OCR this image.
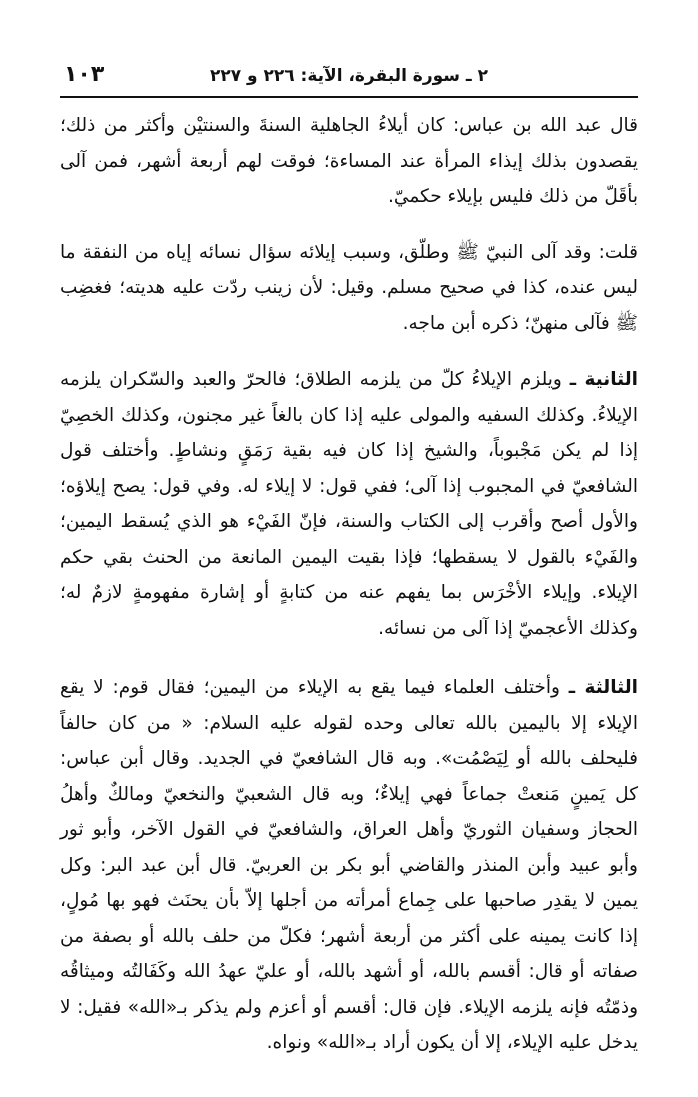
١٠٣	٢ ـ سورة البقرة، الآية: ٢٢٦ و ٢٢٧

قال عبد الله بن عباس: كان أيلاءُ الجاهلية السنةَ والسنتيْن وأكثر من ذلك؛ يقصدون بذلك إيذاء المرأة عند المساءة؛ فوقت لهم أربعة أشهر، فمن آلى بأقَلّ من ذلك فليس بإيلاء حكميّ.

قلت: وقد آلى النبيّ ﷺ وطلّق، وسبب إيلائه سؤال نسائه إياه من النفقة ما ليس عنده، كذا في صحيح مسلم. وقيل: لأن زينب ردّت عليه هديته؛ فغضِب ﷺ فآلى منهنّ؛ ذكره أبن ماجه.

الثانية ـ ويلزم الإيلاءُ كلّ من يلزمه الطلاق؛ فالحرّ والعبد والسّكران يلزمه الإيلاءُ. وكذلك السفيه والمولى عليه إذا كان بالغاً غير مجنون، وكذلك الخصِيّ إذا لم يكن مَجْبوباً، والشيخ إذا كان فيه بقية رَمَقٍ ونشاطٍ. وأختلف قول الشافعيّ في المجبوب إذا آلى؛ ففي قول: لا إيلاء له. وفي قول: يصح إيلاؤه؛ والأول أصح وأقرب إلى الكتاب والسنة، فإنّ الفَيْء هو الذي يُسقط اليمين؛ والفَيْء بالقول لا يسقطها؛ فإذا بقيت اليمين المانعة من الحنث بقي حكم الإيلاء. وإيلاء الأخْرَس بما يفهم عنه من كتابةٍ أو إشارة مفهومةٍ لازمٌ له؛ وكذلك الأعجميّ إذا آلى من نسائه.

الثالثة ـ وأختلف العلماء فيما يقع به الإيلاء من اليمين؛ فقال قوم: لا يقع الإيلاء إلا باليمين بالله تعالى وحده لقوله عليه السلام: « من كان حالفاً فليحلف بالله أو لِيَصْمُت». وبه قال الشافعيّ في الجديد. وقال أبن عباس: كل يَمينٍ مَنعتْ جماعاً فهي إيلاءٌ؛ وبه قال الشعبيّ والنخعيّ ومالكٌ وأهلُ الحجاز وسفيان الثوريّ وأهل العراق، والشافعيّ في القول الآخر، وأبو ثور وأبو عبيد وأبن المنذر والقاضي أبو بكر بن العربيّ. قال أبن عبد البر: وكل يمين لا يقدِر صاحبها على جِماع أمرأته من أجلها إلاّ بأن يحنَث فهو بها مُولٍ، إذا كانت يمينه على أكثر من أربعة أشهر؛ فكلّ من حلف بالله أو بصفة من صفاته أو قال: أقسم بالله، أو أشهد بالله، أو عليّ عهدُ الله وكَفَالتُه وميثاقُه وذمّتُه فإنه يلزمه الإيلاء. فإن قال: أقسم أو أعزم ولم يذكر بـ«الله» فقيل: لا يدخل عليه الإيلاء، إلا أن يكون أراد بـ«الله» ونواه.
